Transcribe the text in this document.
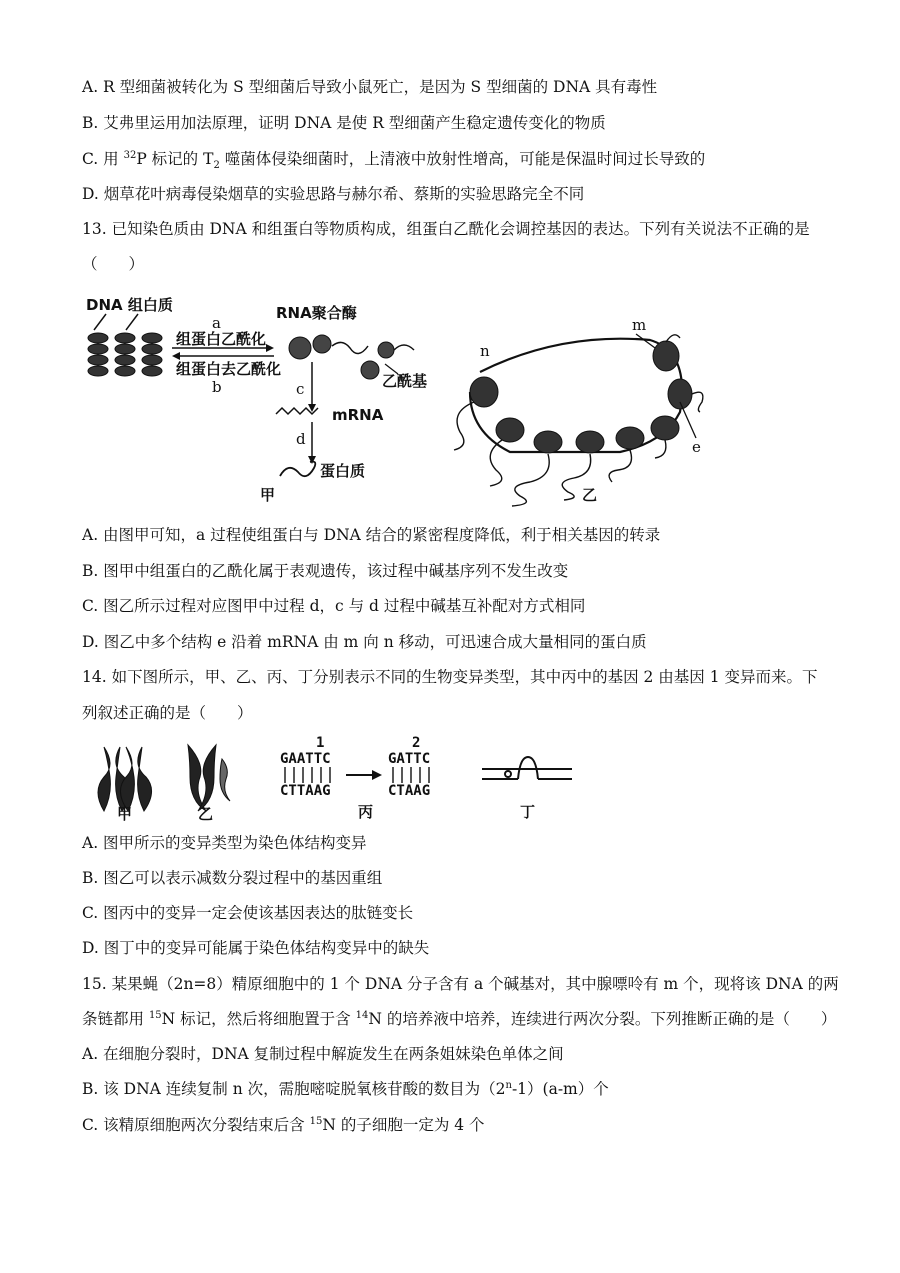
A. R 型细菌被转化为 S 型细菌后导致小鼠死亡，是因为 S 型细菌的 DNA 具有毒性
B. 艾弗里运用加法原理，证明 DNA 是使 R 型细菌产生稳定遗传变化的物质
C. 用 $^{32}$P 标记的 $T_2$ 噬菌体侵染细菌时，上清液中放射性增高，可能是保温时间过长导致的
D. 烟草花叶病毒侵染烟草的实验思路与赫尔希、蔡斯的实验思路完全不同
13. 已知染色质由 DNA 和组蛋白等物质构成，组蛋白乙酰化会调控基因的表达。下列有关说法不正确的是
（　　）
DNA 组白质
a
组蛋白乙酰化
组蛋白去乙酰化
b
RNA聚合酶
乙酰基
c
mRNA
d
蛋白质
甲
m
n
e
乙
A. 由图甲可知，a 过程使组蛋白与 DNA 结合的紧密程度降低，利于相关基因的转录
B. 图甲中组蛋白的乙酰化属于表观遗传，该过程中碱基序列不发生改变
C. 图乙所示过程对应图甲中过程 d，c 与 d 过程中碱基互补配对方式相同
D. 图乙中多个结构 e 沿着 mRNA 由 m 向 n 移动，可迅速合成大量相同的蛋白质
14. 如下图所示，甲、乙、丙、丁分别表示不同的生物变异类型，其中丙中的基因 2 由基因 1 变异而来。下
列叙述正确的是（　　）
甲	乙
1
GAATTC
CTTAAG
2
GATTC
CTAAG
丙	丁
A. 图甲所示的变异类型为染色体结构变异
B. 图乙可以表示减数分裂过程中的基因重组
C. 图丙中的变异一定会使该基因表达的肽链变长
D. 图丁中的变异可能属于染色体结构变异中的缺失
15. 某果蝇（2n=8）精原细胞中的 1 个 DNA 分子含有 a 个碱基对，其中腺嘌呤有 m 个，现将该 DNA 的两
条链都用 $^{15}$N 标记，然后将细胞置于含 $^{14}$N 的培养液中培养，连续进行两次分裂。下列推断正确的是（　　）
A. 在细胞分裂时，DNA 复制过程中解旋发生在两条姐妹染色单体之间
B. 该 DNA 连续复制 n 次，需胞嘧啶脱氧核苷酸的数目为（2$^n$-1）(a-m）个
C. 该精原细胞两次分裂结束后含 $^{15}$N 的子细胞一定为 4 个
